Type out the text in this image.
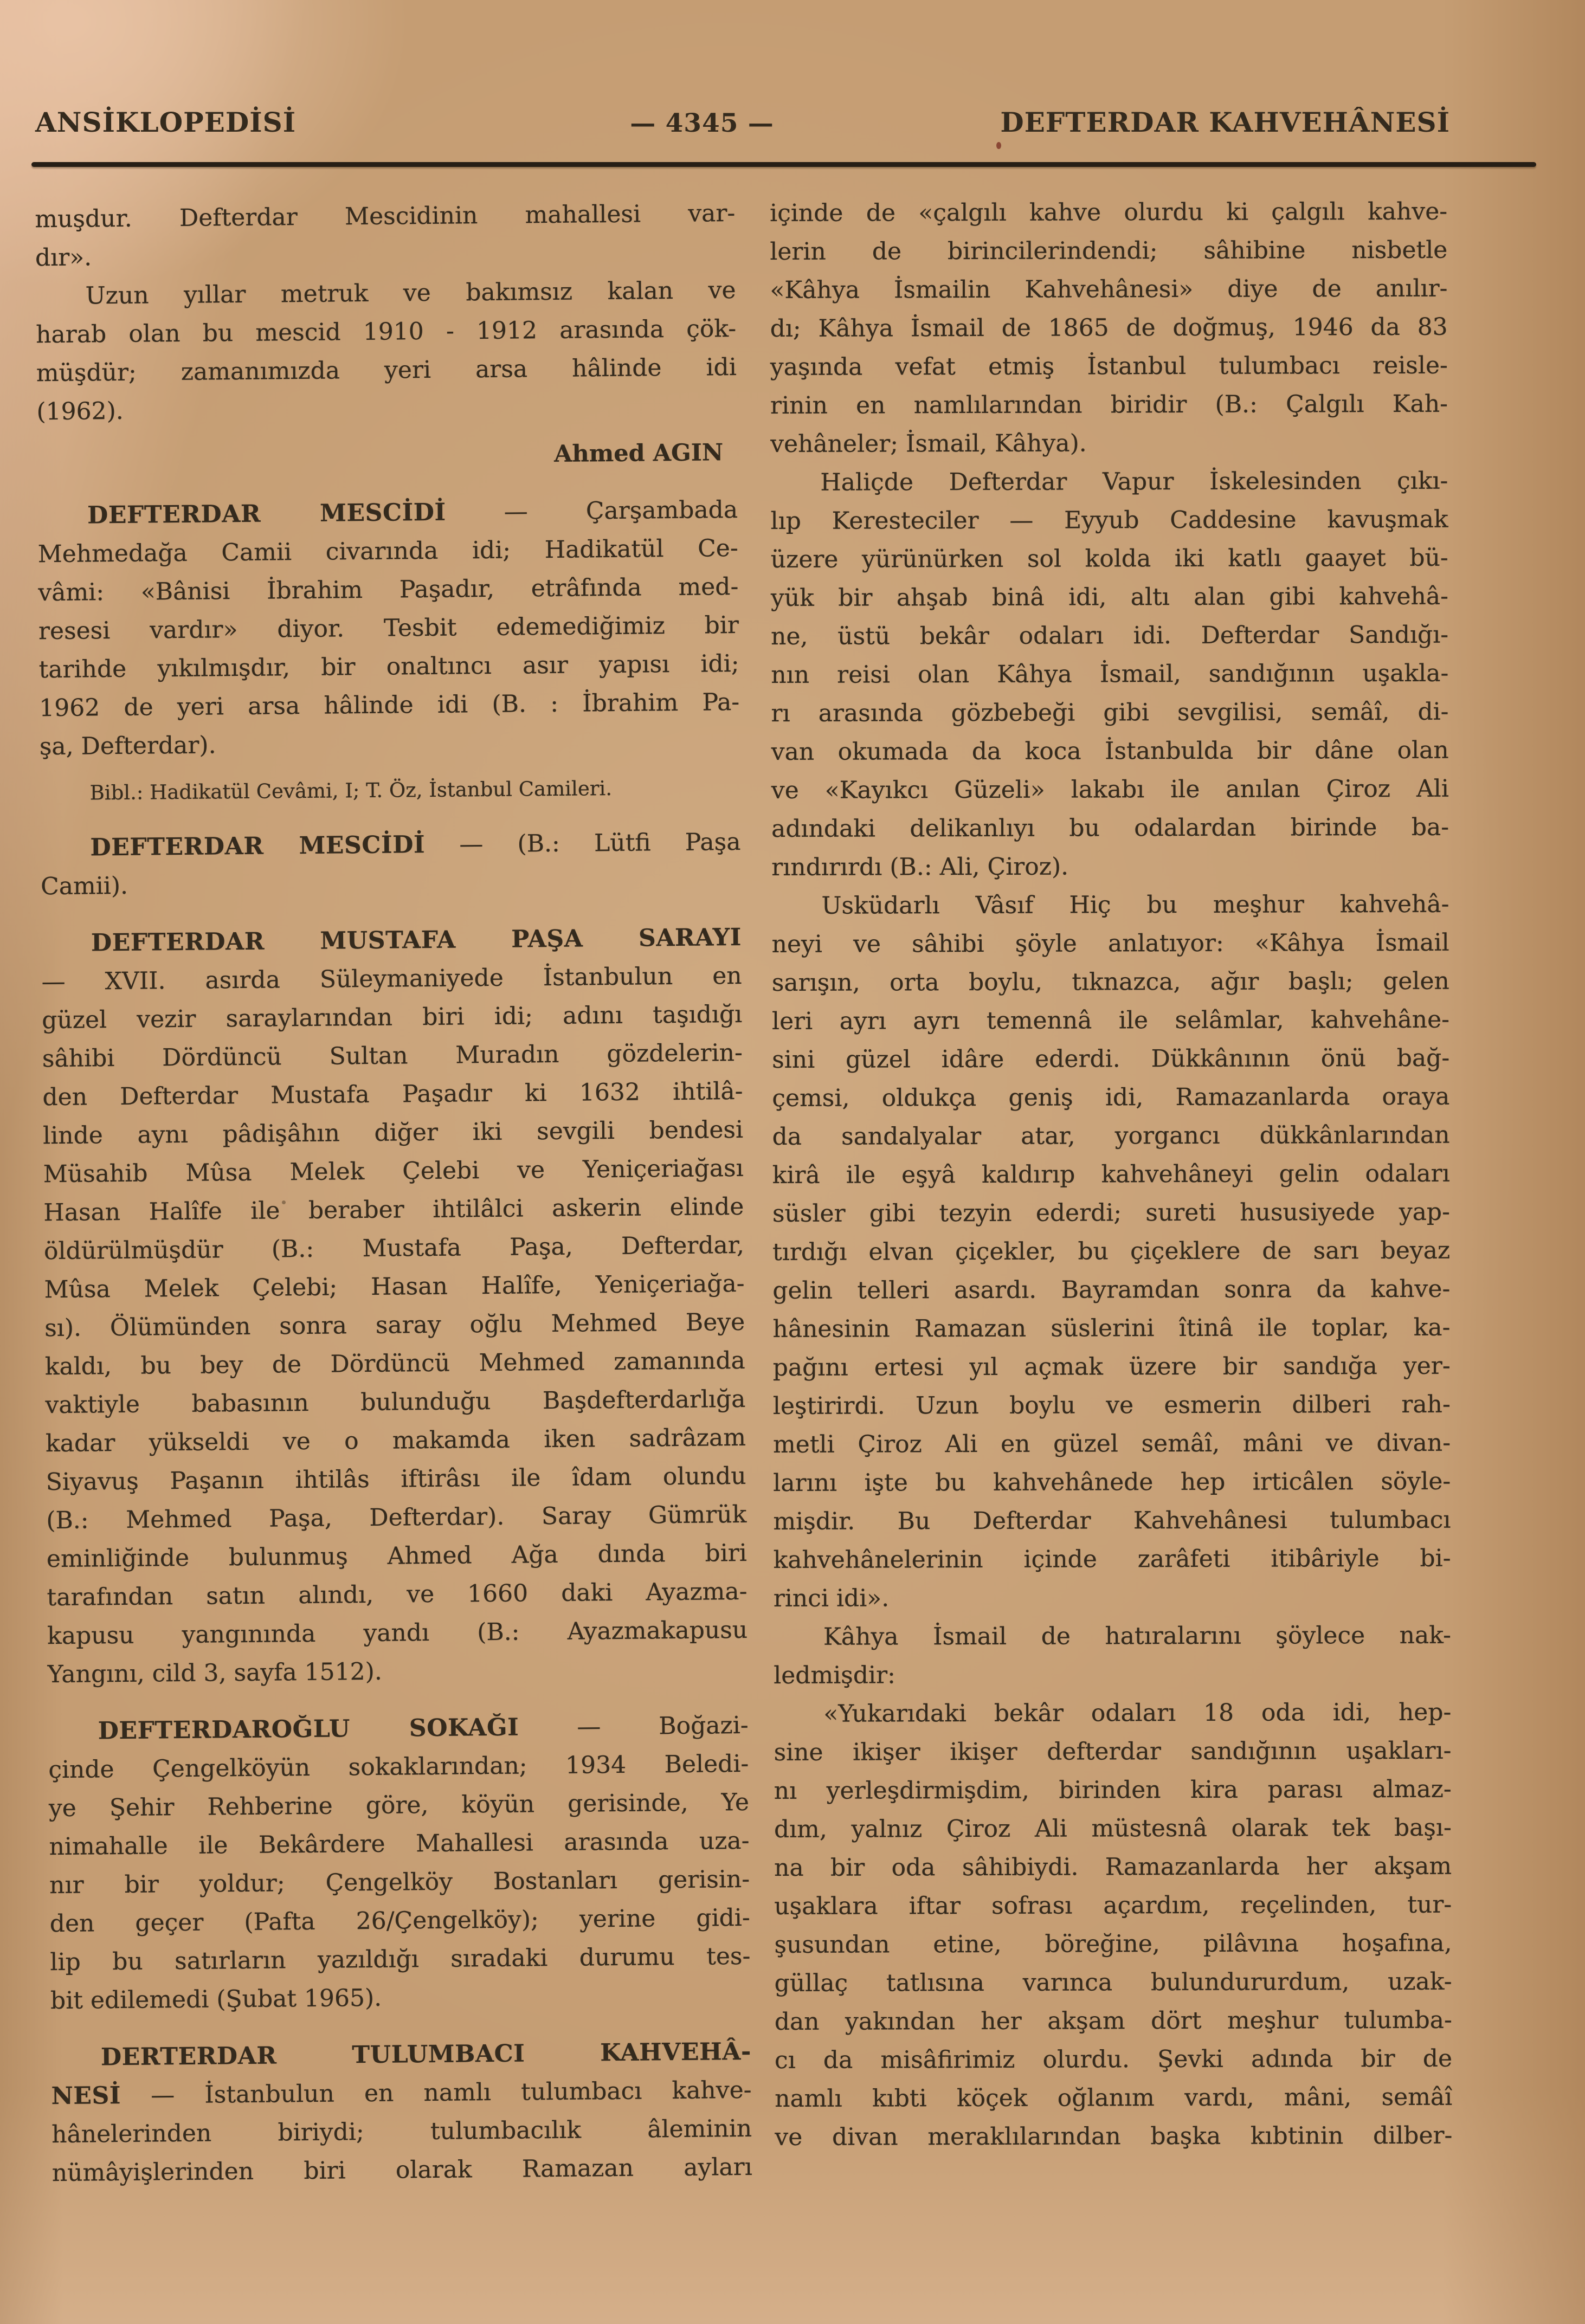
ANSİKLOPEDİSİ	— 4345 —	DEFTERDAR KAHVEHÂNESİ
muşdur. Defterdar Mescidinin mahallesi var-
dır».
Uzun yıllar metruk ve bakımsız kalan ve
harab olan bu mescid 1910 - 1912 arasında çök-
müşdür; zamanımızda yeri arsa hâlinde idi
(1962).
Ahmed AGIN
DEFTERDAR MESCİDİ — Çarşambada
Mehmedağa Camii civarında idi; Hadikatül Ce-
vâmi: «Bânisi İbrahim Paşadır, etrâfında med-
resesi vardır» diyor. Tesbit edemediğimiz bir
tarihde yıkılmışdır, bir onaltıncı asır yapısı idi;
1962 de yeri arsa hâlinde idi (B. : İbrahim Pa-
şa, Defterdar).
Bibl.: Hadikatül Cevâmi, I; T. Öz, İstanbul Camileri.
DEFTERDAR MESCİDİ — (B.: Lütfi Paşa
Camii).
DEFTERDAR MUSTAFA PAŞA SARAYI
— XVII. asırda Süleymaniyede İstanbulun en
güzel vezir saraylarından biri idi; adını taşıdığı
sâhibi Dördüncü Sultan Muradın gözdelerin-
den Defterdar Mustafa Paşadır ki 1632 ihtilâ-
linde aynı pâdişâhın diğer iki sevgili bendesi
Müsahib Mûsa Melek Çelebi ve Yeniçeriağası
Hasan Halîfe ile beraber ihtilâlci askerin elinde
öldürülmüşdür (B.: Mustafa Paşa, Defterdar,
Mûsa Melek Çelebi; Hasan Halîfe, Yeniçeriağa-
sı). Ölümünden sonra saray oğlu Mehmed Beye
kaldı, bu bey de Dördüncü Mehmed zamanında
vaktiyle babasının bulunduğu Başdefterdarlığa
kadar yükseldi ve o makamda iken sadrâzam
Siyavuş Paşanın ihtilâs iftirâsı ile îdam olundu
(B.: Mehmed Paşa, Defterdar). Saray Gümrük
eminliğinde bulunmuş Ahmed Ağa dında biri
tarafından satın alındı, ve 1660 daki Ayazma-
kapusu yangınında yandı (B.: Ayazmakapusu
Yangını, cild 3, sayfa 1512).
DEFTERDAROĞLU SOKAĞI — Boğazi-
çinde Çengelköyün sokaklarından; 1934 Beledi-
ye Şehir Rehberine göre, köyün gerisinde, Ye
nimahalle ile Bekârdere Mahallesi arasında uza-
nır bir yoldur; Çengelköy Bostanları gerisin-
den geçer (Pafta 26/Çengelköy); yerine gidi-
lip bu satırların yazıldığı sıradaki durumu tes-
bit edilemedi (Şubat 1965).
DERTERDAR TULUMBACI KAHVEHÂ-
NESİ — İstanbulun en namlı tulumbacı kahve-
hânelerinden biriydi; tulumbacılık âleminin
nümâyişlerinden biri olarak Ramazan ayları
içinde de «çalgılı kahve olurdu ki çalgılı kahve-
lerin de birincilerindendi; sâhibine nisbetle
«Kâhya İsmailin Kahvehânesi» diye de anılır-
dı; Kâhya İsmail de 1865 de doğmuş, 1946 da 83
yaşında vefat etmiş İstanbul tulumbacı reisle-
rinin en namlılarından biridir (B.: Çalgılı Kah-
vehâneler; İsmail, Kâhya).
Haliçde Defterdar Vapur İskelesinden çıkı-
lıp Keresteciler — Eyyub Caddesine kavuşmak
üzere yürünürken sol kolda iki katlı gaayet bü-
yük bir ahşab binâ idi, altı alan gibi kahvehâ-
ne, üstü bekâr odaları idi. Defterdar Sandığı-
nın reisi olan Kâhya İsmail, sandığının uşakla-
rı arasında gözbebeği gibi sevgilisi, semâî, di-
van okumada da koca İstanbulda bir dâne olan
ve «Kayıkcı Güzeli» lakabı ile anılan Çiroz Ali
adındaki delikanlıyı bu odalardan birinde ba-
rındırırdı (B.: Ali, Çiroz).
Usküdarlı Vâsıf Hiç bu meşhur kahvehâ-
neyi ve sâhibi şöyle anlatıyor: «Kâhya İsmail
sarışın, orta boylu, tıknazca, ağır başlı; gelen
leri ayrı ayrı temennâ ile selâmlar, kahvehâne-
sini güzel idâre ederdi. Dükkânının önü bağ-
çemsi, oldukça geniş idi, Ramazanlarda oraya
da sandalyalar atar, yorgancı dükkânlarından
kirâ ile eşyâ kaldırıp kahvehâneyi gelin odaları
süsler gibi tezyin ederdi; sureti hususiyede yap-
tırdığı elvan çiçekler, bu çiçeklere de sarı beyaz
gelin telleri asardı. Bayramdan sonra da kahve-
hânesinin Ramazan süslerini îtinâ ile toplar, ka-
pağını ertesi yıl açmak üzere bir sandığa yer-
leştirirdi. Uzun boylu ve esmerin dilberi rah-
metli Çiroz Ali en güzel semâî, mâni ve divan-
larını işte bu kahvehânede hep irticâlen söyle-
mişdir. Bu Defterdar Kahvehânesi tulumbacı
kahvehânelerinin içinde zarâfeti itibâriyle bi-
rinci idi».
Kâhya İsmail de hatıralarını şöylece nak-
ledmişdir:
«Yukarıdaki bekâr odaları 18 oda idi, hep-
sine ikişer ikişer defterdar sandığının uşakları-
nı yerleşdirmişdim, birinden kira parası almaz-
dım, yalnız Çiroz Ali müstesnâ olarak tek başı-
na bir oda sâhibiydi. Ramazanlarda her akşam
uşaklara iftar sofrası açardım, reçelinden, tur-
şusundan etine, böreğine, pilâvına hoşafına,
güllaç tatlısına varınca bulundururdum, uzak-
dan yakından her akşam dört meşhur tulumba-
cı da misâfirimiz olurdu. Şevki adında bir de
namlı kıbti köçek oğlanım vardı, mâni, semâî
ve divan meraklılarından başka kıbtinin dilber-
